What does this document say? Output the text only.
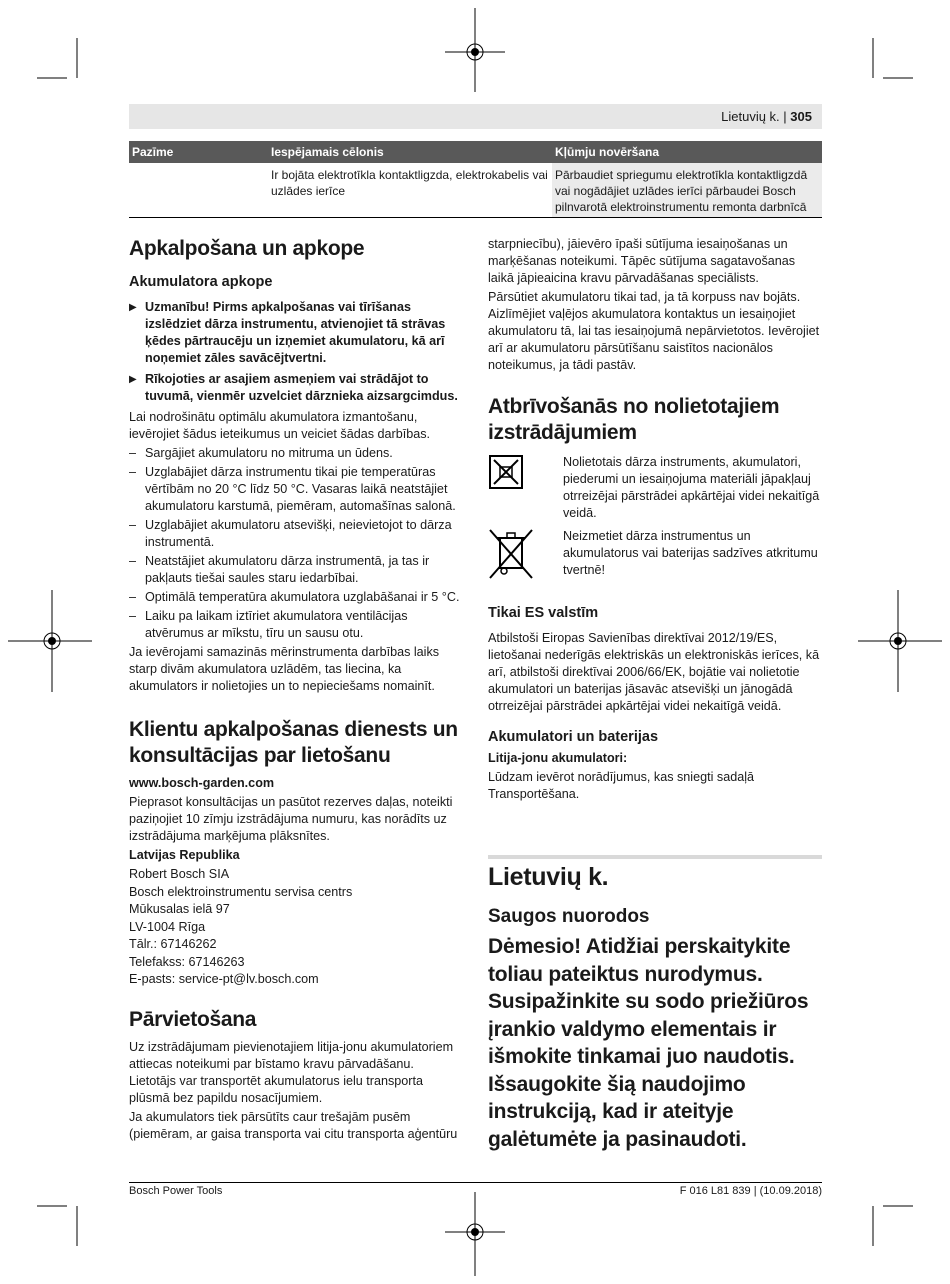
Lietuvių k. | 305
Pazīme	Iespējamais cēlonis	Kļūmju novēršana
	Ir bojāta elektrotīkla kontaktligzda, elektrokabelis vai uzlādes ierīce	Pārbaudiet spriegumu elektrotīkla kontaktligzdā vai nogādājiet uzlādes ierīci pārbaudei Bosch pilnvarotā elektroinstrumentu remonta darbnīcā
Apkalpošana un apkope
Akumulatora apkope
▶ Uzmanību! Pirms apkalpošanas vai tīrīšanas izslēdziet dārza instrumentu, atvienojiet tā strāvas ķēdes pārtraucēju un izņemiet akumulatoru, kā arī noņemiet zāles savācējtvertni.
▶ Rīkojoties ar asajiem asmeņiem vai strādājot to tuvumā, vienmēr uzvelciet dārznieka aizsargcimdus.

Lai nodrošinātu optimālu akumulatora izmantošanu, ievērojiet šādus ieteikumus un veiciet šādas darbības.

– Sargājiet akumulatoru no mitruma un ūdens.
– Uzglabājiet dārza instrumentu tikai pie temperatūras vērtībām no 20 °C līdz 50 °C. Vasaras laikā neatstājiet akumulatoru karstumā, piemēram, automašīnas salonā.
– Uzglabājiet akumulatoru atsevišķi, neievietojot to dārza instrumentā.
– Neatstājiet akumulatoru dārza instrumentā, ja tas ir pakļauts tiešai saules staru iedarbībai.
– Optimālā temperatūra akumulatora uzglabāšanai ir 5 °C.
– Laiku pa laikam iztīriet akumulatora ventilācijas atvērumus ar mīkstu, tīru un sausu otu.

Ja ievērojami samazinās mērinstrumenta darbības laiks starp divām akumulatora uzlādēm, tas liecina, ka akumulators ir nolietojies un to nepieciešams nomainīt.

Klientu apkalpošanas dienests un konsultācijas par lietošanu
www.bosch-garden.com

Pieprasot konsultācijas un pasūtot rezerves daļas, noteikti paziņojiet 10 zīmju izstrādājuma numuru, kas norādīts uz izstrādājuma marķējuma plāksnītes.

Latvijas Republika

Robert Bosch SIA

Bosch elektroinstrumentu servisa centrs

Mūkusalas ielā 97

LV-1004 Rīga

Tālr.: 67146262

Telefakss: 67146263

E-pasts: service-pt@lv.bosch.com

Pārvietošana

Uz izstrādājumam pievienotajiem litija-jonu akumulatoriem attiecas noteikumi par bīstamo kravu pārvadāšanu. Lietotājs var transportēt akumulatorus ielu transporta plūsmā bez papildu nosacījumiem.

Ja akumulators tiek pārsūtīts caur trešajām pusēm (piemēram, ar gaisa transporta vai citu transporta aģentūru

starpniecību), jāievēro īpaši sūtījuma iesaiņošanas un marķēšanas noteikumi. Tāpēc sūtījuma sagatavošanas laikā jāpieaicina kravu pārvadāšanas speciālists.

Pārsūtiet akumulatoru tikai tad, ja tā korpuss nav bojāts. Aizlīmējiet vaļējos akumulatora kontaktus un iesaiņojiet akumulatoru tā, lai tas iesaiņojumā nepārvietotos. Ievērojiet arī ar akumulatoru pārsūtīšanu saistītos nacionālos noteikumus, ja tādi pastāv.

Atbrīvošanās no nolietotajiem izstrādājumiem

Nolietotais dārza instruments, akumulatori, piederumi un iesaiņojuma materiāli jāpakļauj otrreizējai pārstrādei apkārtējai videi nekaitīgā veidā.

Neizmetiet dārza instrumentus un akumulatorus vai baterijas sadzīves atkritumu tvertnē!

Tikai ES valstīm

Atbilstoši Eiropas Savienības direktīvai 2012/19/ES, lietošanai nederīgās elektriskās un elektroniskās ierīces, kā arī, atbilstoši direktīvai 2006/66/EK, bojātie vai nolietotie akumulatori un baterijas jāsavāc atsevišķi un jānogādā otrreizējai pārstrādei apkārtējai videi nekaitīgā veidā.

Akumulatori un baterijas
Litija-jonu akumulatori:

Lūdzam ievērot norādījumus, kas sniegti sadaļā Transportēšana.

Lietuvių k.
Saugos nuorodos
Dėmesio! Atidžiai perskaitykite toliau pateiktus nurodymus. Susipažinkite su sodo priežiūros įrankio valdymo elementais ir išmokite tinkamai juo naudotis. Išsaugokite šią naudojimo instrukciją, kad ir ateityje galėtumėte ja pasinaudoti.
Bosch Power Tools	F 016 L81 839 | (10.09.2018)
